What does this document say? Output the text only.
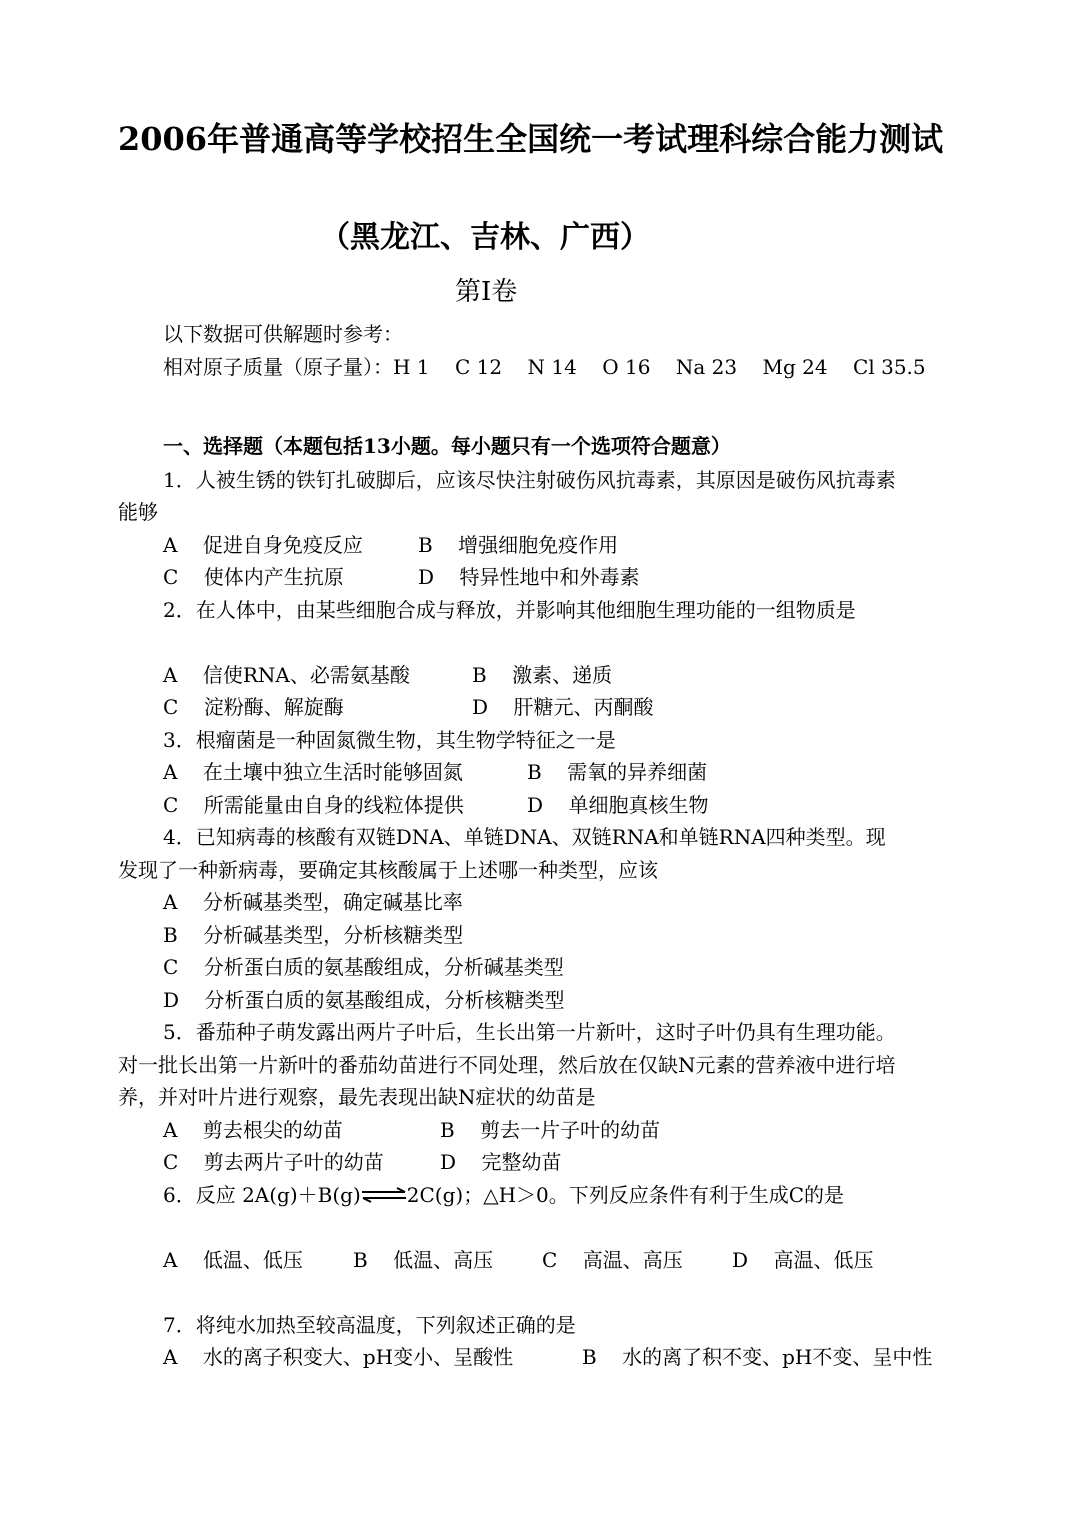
2006年普通高等学校招生全国统一考试理科综合能力测试
（黑龙江、吉林、广西）
第I卷
以下数据可供解题时参考：
相对原子质量（原子量）：H 1    C 12    N 14    O 16    Na 23    Mg 24    Cl 35.5
一、选择题（本题包括13小题。每小题只有一个选项符合题意）
1．人被生锈的铁钉扎破脚后，应该尽快注射破伤风抗毒素，其原因是破伤风抗毒素
能够
A    促进自身免疫反应	B    增强细胞免疫作用
C    使体内产生抗原	D    特异性地中和外毒素
2．在人体中，由某些细胞合成与释放，并影响其他细胞生理功能的一组物质是
A    信使RNA、必需氨基酸	B    激素、递质
C    淀粉酶、解旋酶	D    肝糖元、丙酮酸
3．根瘤菌是一种固氮微生物，其生物学特征之一是
A    在土壤中独立生活时能够固氮	B    需氧的异养细菌
C    所需能量由自身的线粒体提供	D    单细胞真核生物
4．已知病毒的核酸有双链DNA、单链DNA、双链RNA和单链RNA四种类型。现
发现了一种新病毒，要确定其核酸属于上述哪一种类型，应该
A    分析碱基类型，确定碱基比率
B    分析碱基类型，分析核糖类型
C    分析蛋白质的氨基酸组成，分析碱基类型
D    分析蛋白质的氨基酸组成，分析核糖类型
5．番茄种子萌发露出两片子叶后，生长出第一片新叶，这时子叶仍具有生理功能。
对一批长出第一片新叶的番茄幼苗进行不同处理，然后放在仅缺N元素的营养液中进行培
养，并对叶片进行观察，最先表现出缺N症状的幼苗是
A    剪去根尖的幼苗	B    剪去一片子叶的幼苗
C    剪去两片子叶的幼苗	D    完整幼苗
6．反应 2A(g)＋B(g)⇌2C(g)；△H＞0。下列反应条件有利于生成C的是
A    低温、低压	B    低温、高压 C    高温、高压 D    高温、低压
7．将纯水加热至较高温度，下列叙述正确的是
A    水的离子积变大、pH变小、呈酸性	B    水的离了积不变、pH不变、呈中性
